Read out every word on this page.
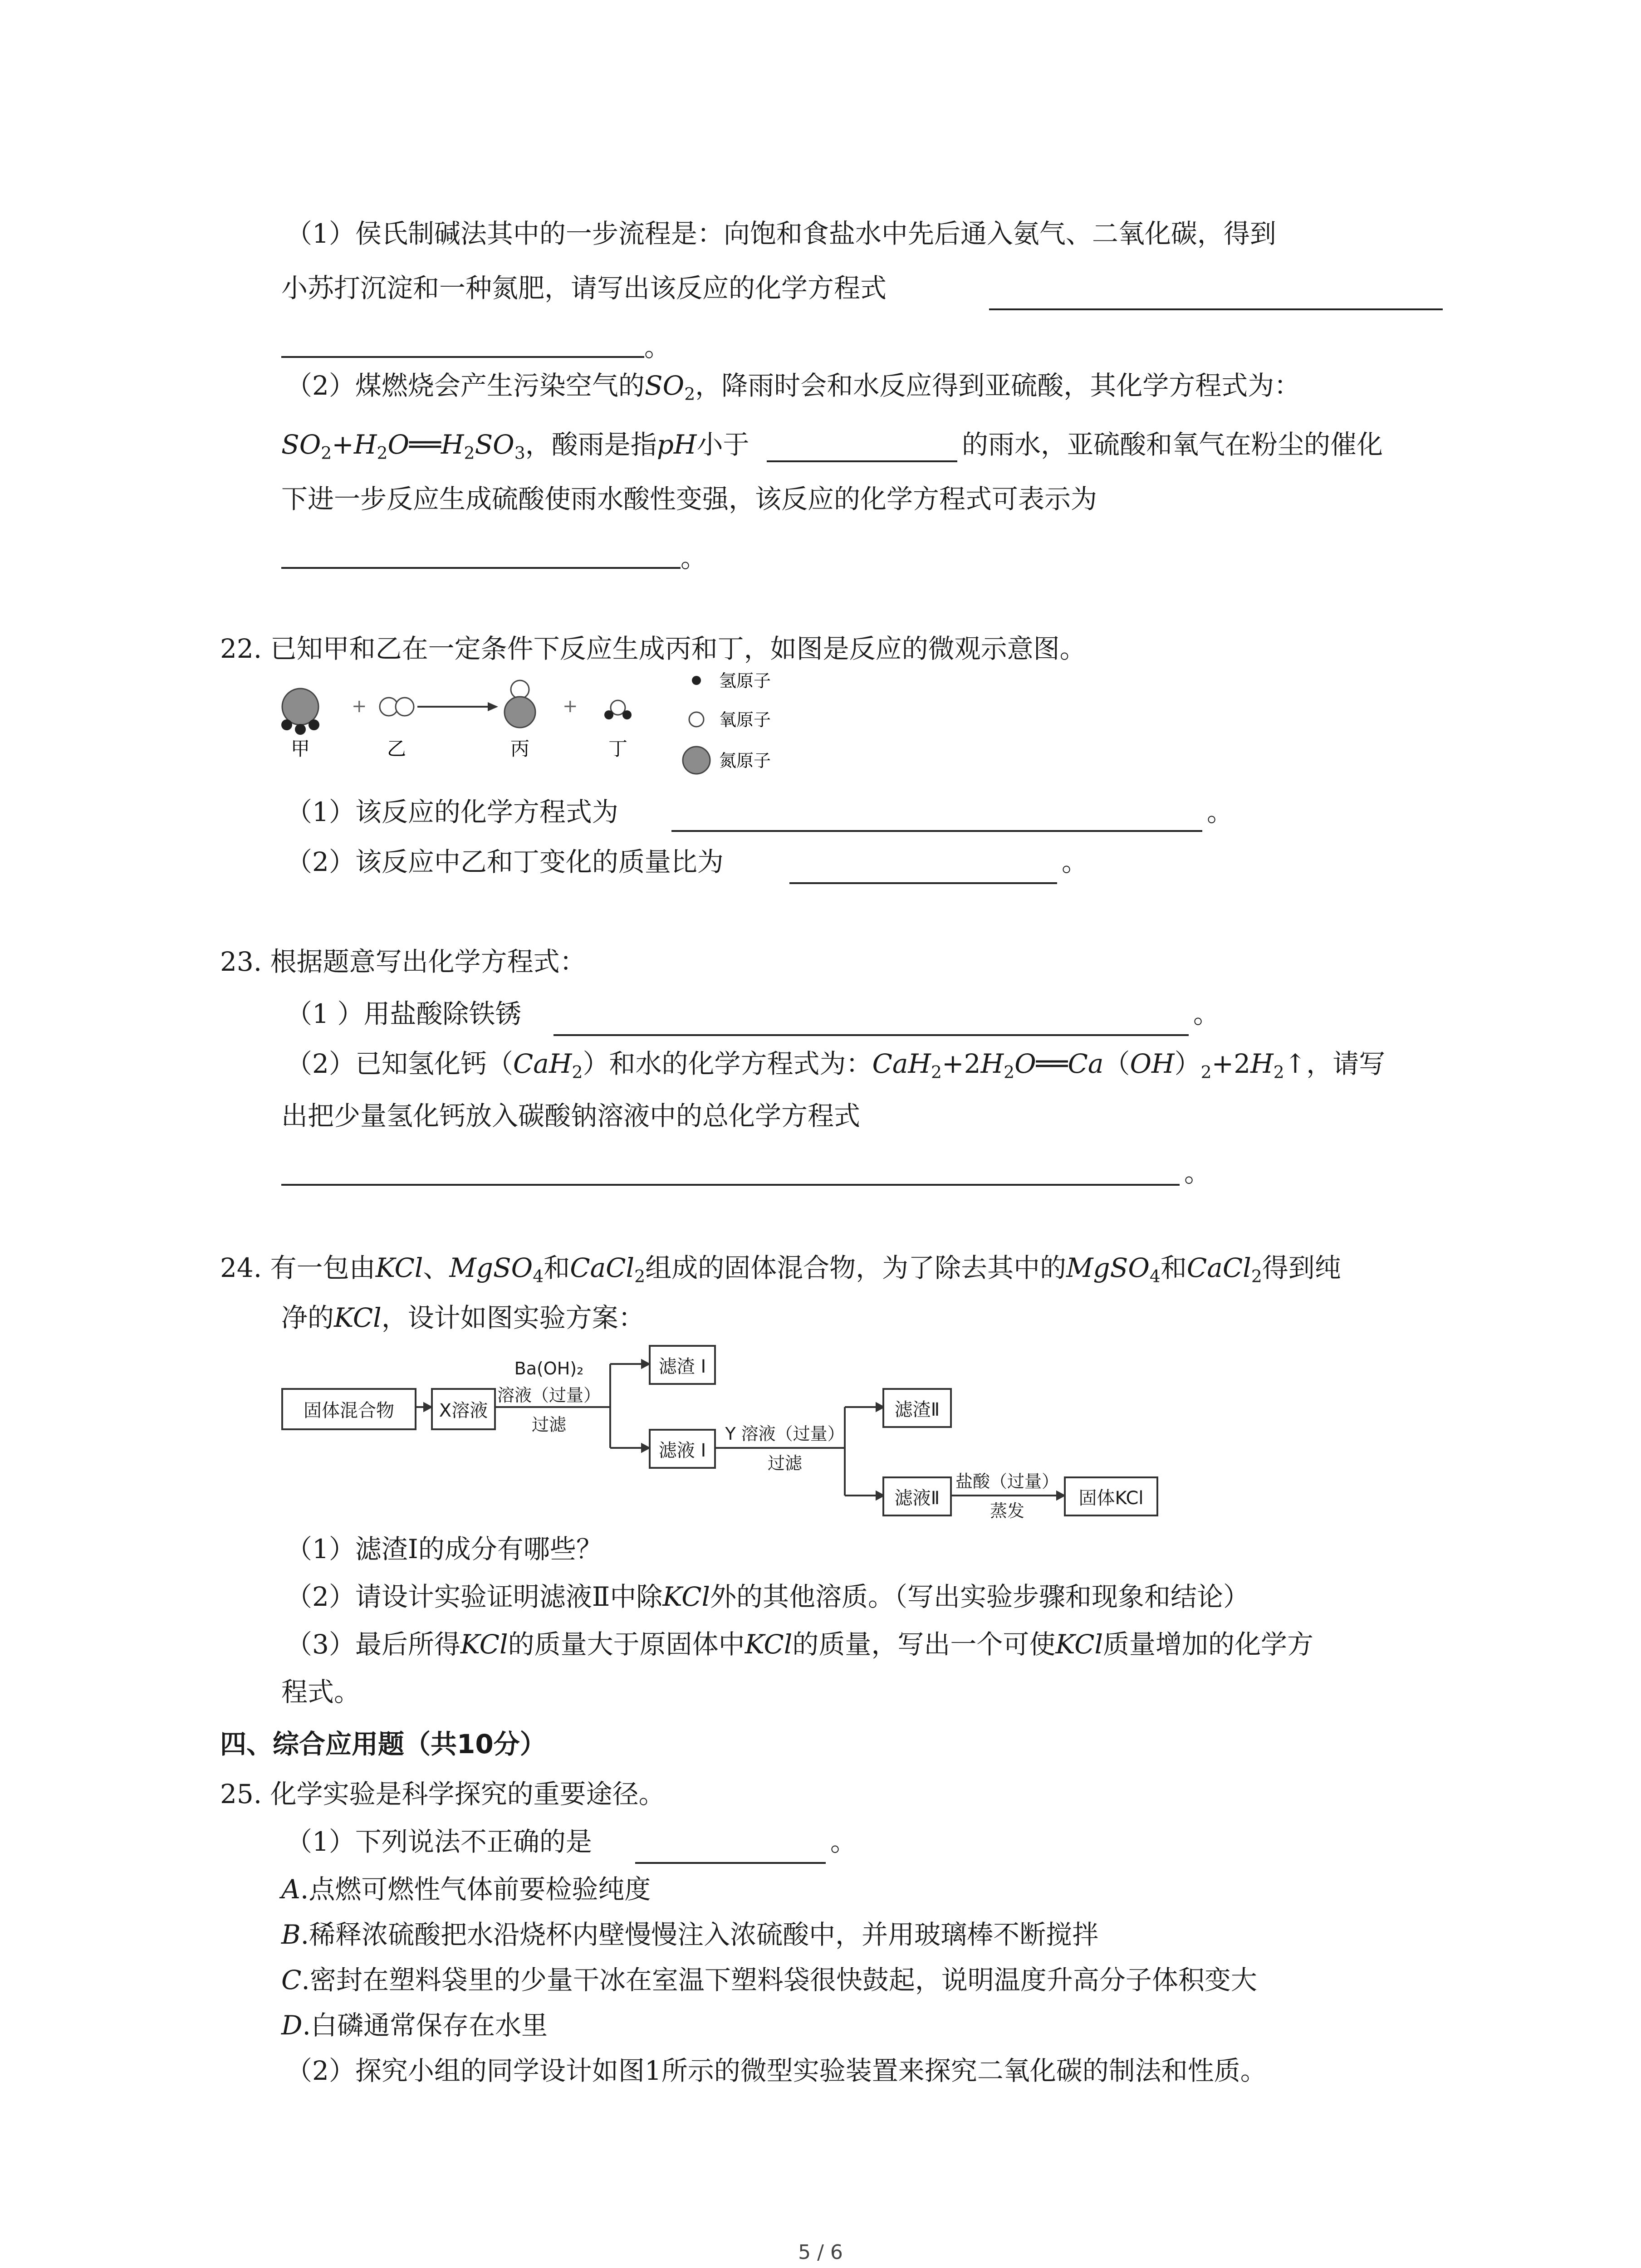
（1）侯氏制碱法其中的一步流程是：向饱和食盐水中先后通入氨气、二氧化碳，得到
小苏打沉淀和一种氮肥，请写出该反应的化学方程式
。
（2）煤燃烧会产生污染空气的$SO_2$，降雨时会和水反应得到亚硫酸，其化学方程式为：
$SO_2+H_2O══H_2SO_3$，酸雨是指pH小于	的雨水，亚硫酸和氧气在粉尘的催化
下进一步反应生成硫酸使雨水酸性变强，该反应的化学方程式可表示为
。
22. 已知甲和乙在一定条件下反应生成丙和丁，如图是反应的微观示意图。
+	+
甲	乙	丙	丁
氢原子
氧原子
氮原子
（1）该反应的化学方程式为	。
（2）该反应中乙和丁变化的质量比为	。
23. 根据题意写出化学方程式：
（1 ）用盐酸除铁锈	。
（2）已知氢化钙（CaH$_2$）和水的化学方程式为：$CaH_2+2H_2O══Ca(OH)_2+2H_2↑$，请写
出把少量氢化钙放入碳酸钠溶液中的总化学方程式
。
24. 有一包由KCl、MgSO$_4$和CaCl$_2$组成的固体混合物，为了除去其中的MgSO$_4$和CaCl$_2$得到纯
净的KCl，设计如图实验方案：
固体混合物	X溶液
Ba(OH)₂
溶液（过量）
过滤
滤渣 I
滤液 I
Y 溶液（过量）
过滤
滤渣Ⅱ
滤液Ⅱ
盐酸（过量）
蒸发
固体KCl
（1）滤渣Ⅰ的成分有哪些？
（2）请设计实验证明滤液Ⅱ中除KCl外的其他溶质。（写出实验步骤和现象和结论）
（3）最后所得KCl的质量大于原固体中KCl的质量，写出一个可使KCl质量增加的化学方
程式。
四、综合应用题（共10分）
25. 化学实验是科学探究的重要途径。
（1）下列说法不正确的是	。
A.点燃可燃性气体前要检验纯度
B.稀释浓硫酸把水沿烧杯内壁慢慢注入浓硫酸中，并用玻璃棒不断搅拌
C.密封在塑料袋里的少量干冰在室温下塑料袋很快鼓起，说明温度升高分子体积变大
D.白磷通常保存在水里
（2）探究小组的同学设计如图1所示的微型实验装置来探究二氧化碳的制法和性质。
5 / 6
